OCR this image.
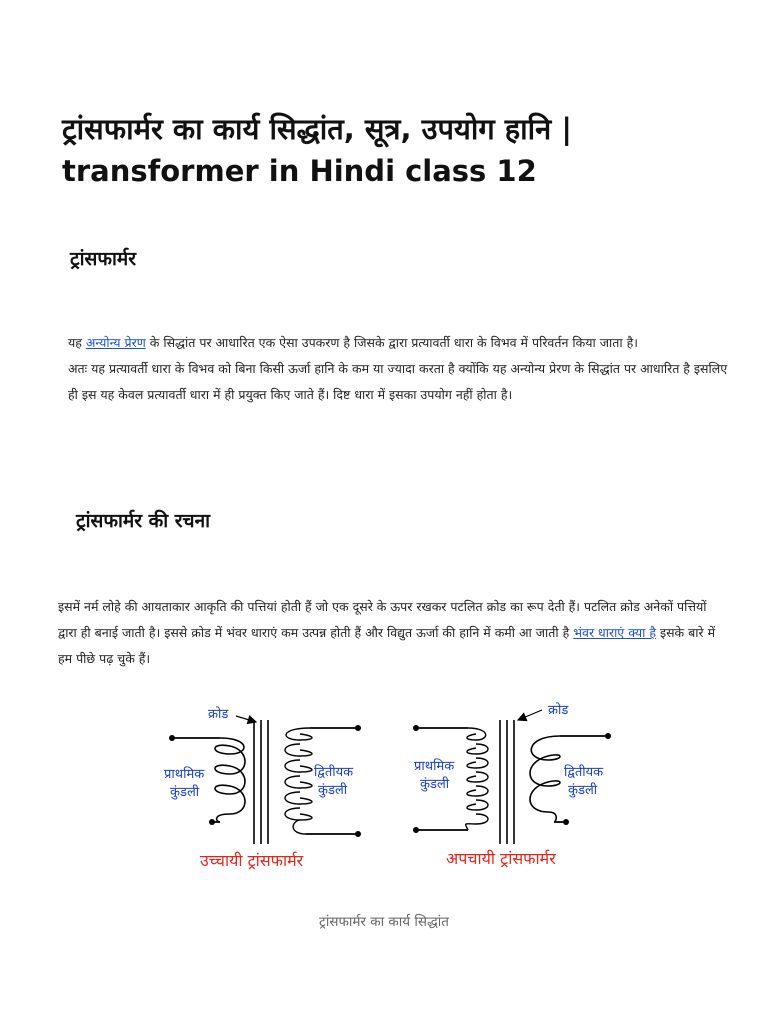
ट्रांसफार्मर का कार्य सिद्धांत, सूत्र, उपयोग हानि | transformer in Hindi class 12
ट्रांसफार्मर

यह अन्योन्य प्रेरण के सिद्धांत पर आधारित एक ऐसा उपकरण है जिसके द्वारा प्रत्यावर्ती धारा के विभव में परिवर्तन किया जाता है।
अतः यह प्रत्यावर्ती धारा के विभव को बिना किसी ऊर्जा हानि के कम या ज्यादा करता है क्योंकि यह अन्योन्य प्रेरण के सिद्धांत पर आधारित है इसलिए ही इस यह केवल प्रत्यावर्ती धारा में ही प्रयुक्त किए जाते हैं। दिष्ट धारा में इसका उपयोग नहीं होता है।

ट्रांसफार्मर की रचना

इसमें नर्म लोहे की आयताकार आकृति की पत्तियां होती हैं जो एक दूसरे के ऊपर रखकर पटलित क्रोड का रूप देती हैं। पटलित क्रोड अनेकों पत्तियों द्वारा ही बनाई जाती है। इससे क्रोड में भंवर धाराएं कम उत्पन्न होती हैं और विद्युत ऊर्जा की हानि में कमी आ जाती है भंवर धाराएं क्या है इसके बारे में हम पीछे पढ़ चुके हैं।

क्रोड
प्राथमिक
कुंडली
द्वितीयक
कुंडली
उच्चायी ट्रांसफार्मर
क्रोड
प्राथमिक
कुंडली
द्वितीयक
कुंडली
अपचायी ट्रांसफार्मर

ट्रांसफार्मर का कार्य सिद्धांत
